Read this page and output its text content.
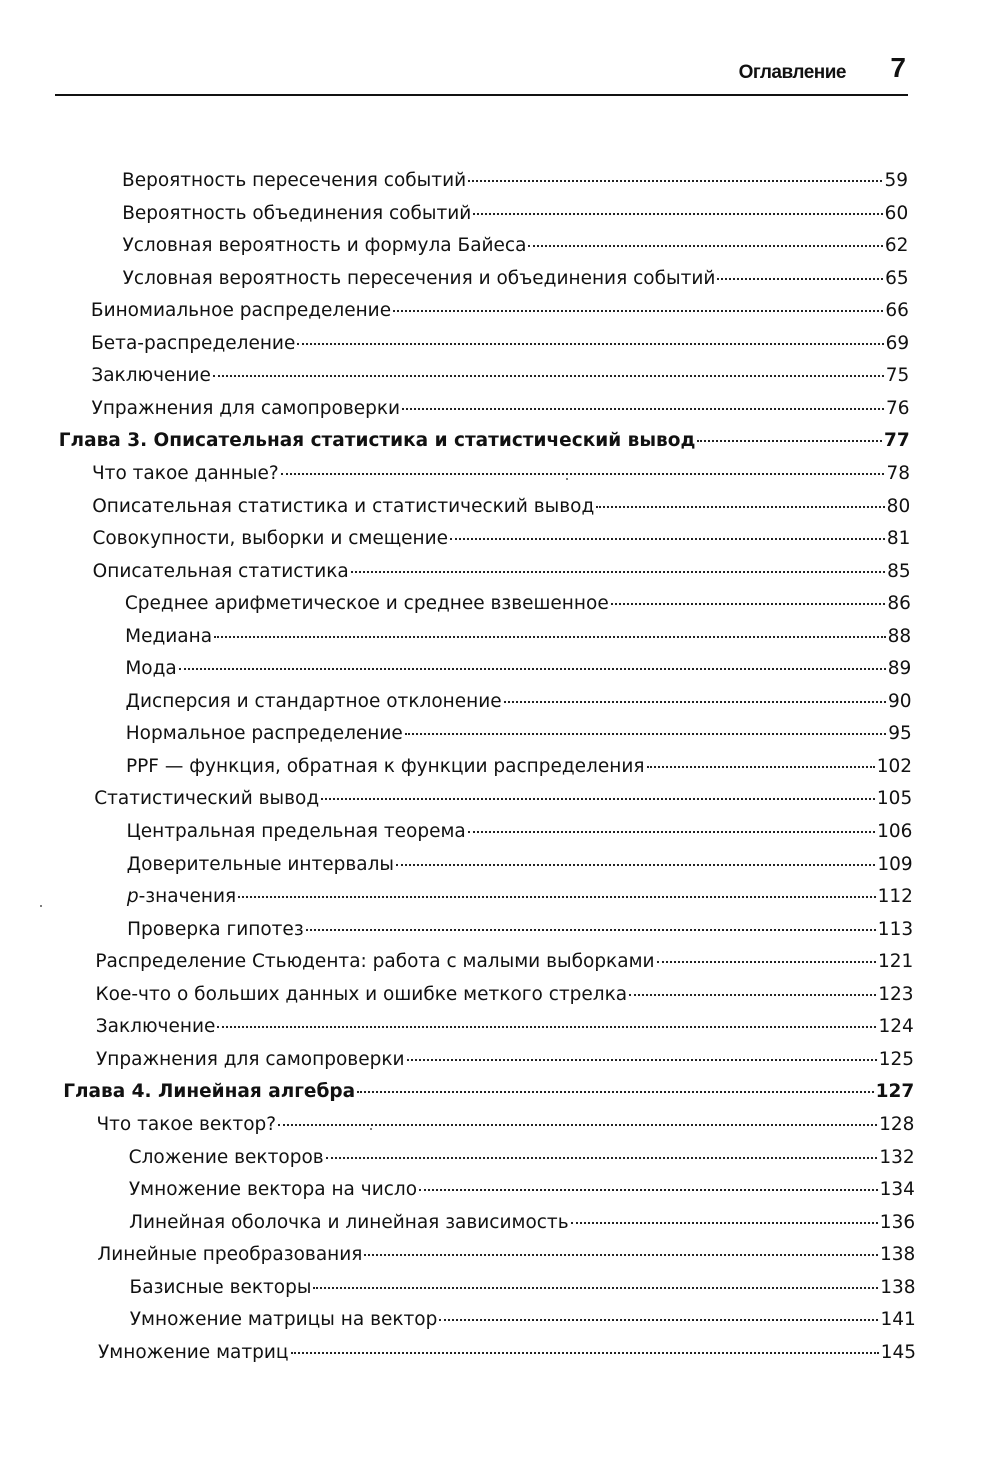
Оглавление 7
Вероятность пересечения событий	59
Вероятность объединения событий	60
Условная вероятность и формула Байеса	62
Условная вероятность пересечения и объединения событий	65
Биномиальное распределение	66
Бета-распределение	69
Заключение	75
Упражнения для самопроверки	76
Глава 3. Описательная статистика и статистический вывод	77
Что такое данные?	78
Описательная статистика и статистический вывод	80
Совокупности, выборки и смещение	81
Описательная статистика	85
Среднее арифметическое и среднее взвешенное	86
Медиана	88
Мода	89
Дисперсия и стандартное отклонение	90
Нормальное распределение	95
PPF — функция, обратная к функции распределения	102
Статистический вывод	105
Центральная предельная теорема	106
Доверительные интервалы	109
p-значения	112
Проверка гипотез	113
Распределение Стьюдента: работа с малыми выборками	121
Кое-что о больших данных и ошибке меткого стрелка	123
Заключение	124
Упражнения для самопроверки	125
Глава 4. Линейная алгебра	127
Что такое вектор?	128
Сложение векторов	132
Умножение вектора на число	134
Линейная оболочка и линейная зависимость	136
Линейные преобразования	138
Базисные векторы	138
Умножение матрицы на вектор	141
Умножение матриц	145
